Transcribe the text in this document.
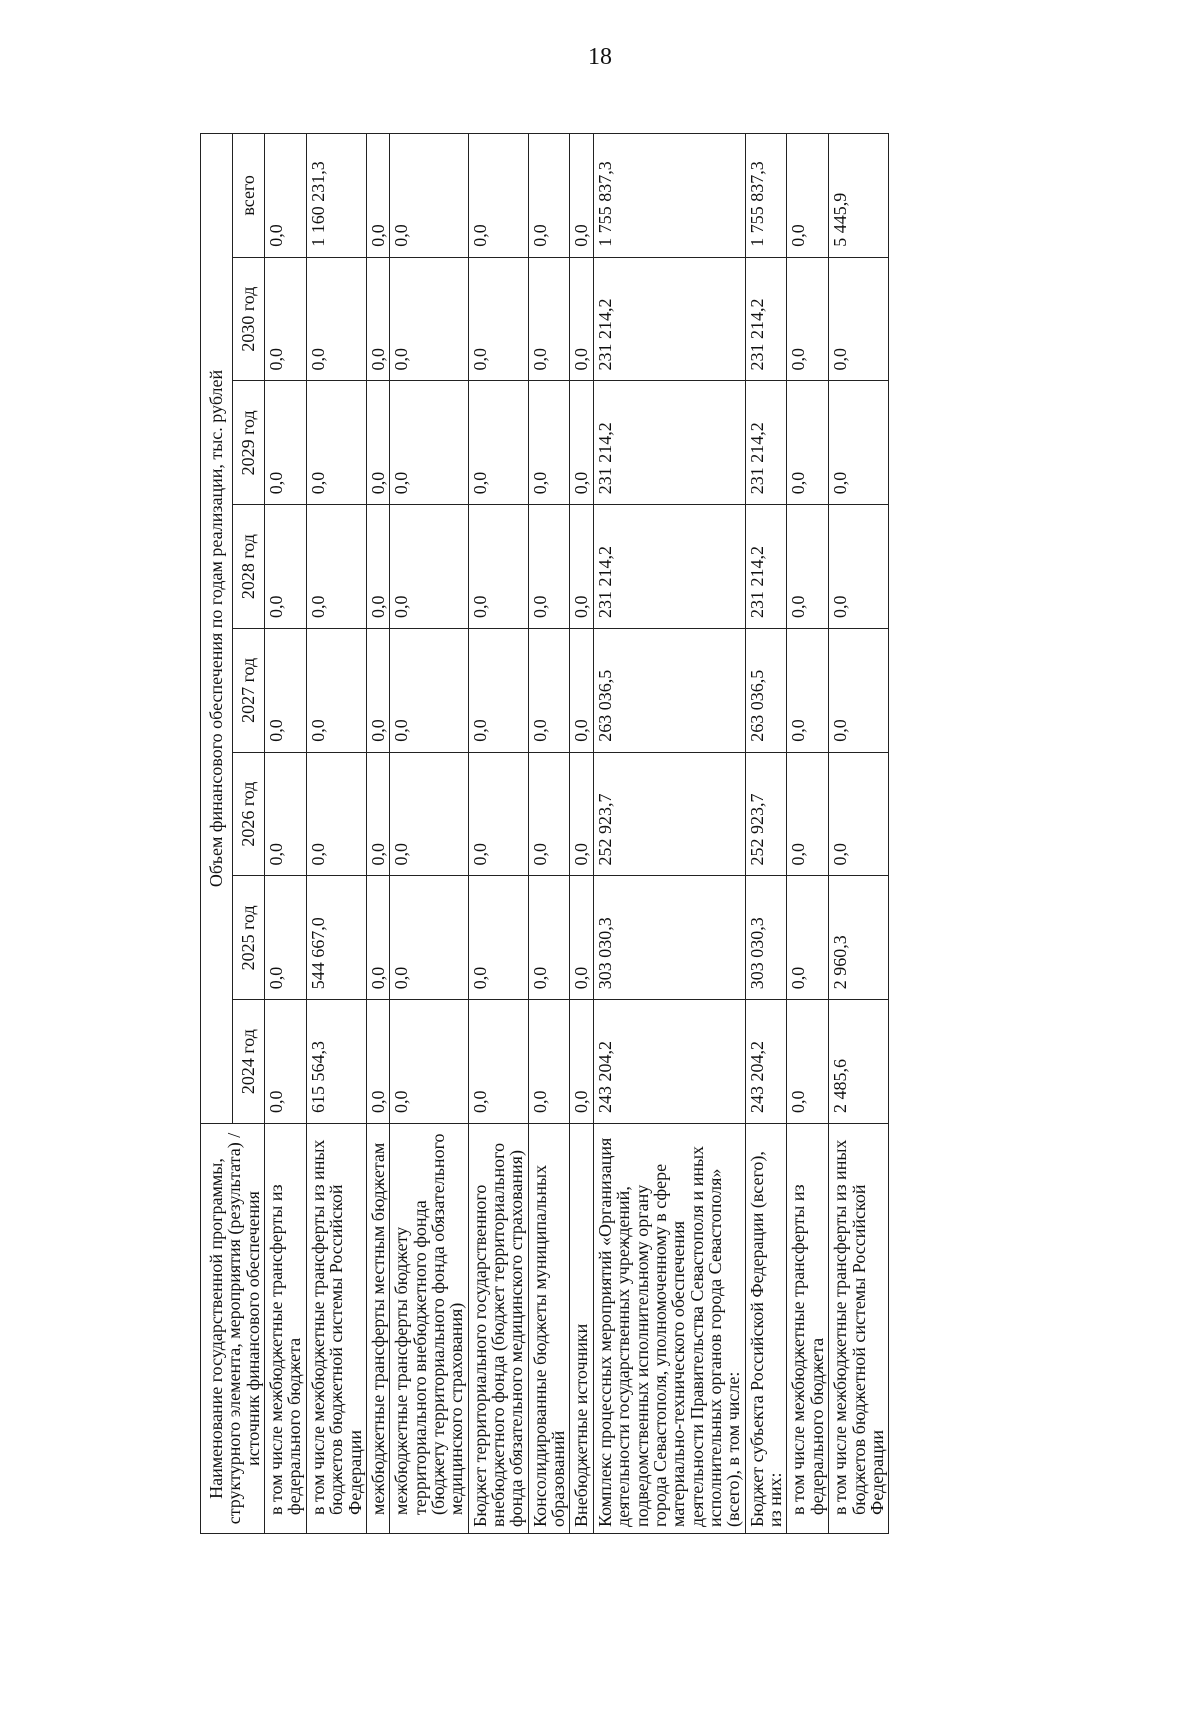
18
Наименование государственной программы, структурного элемента, мероприятия (результата) / источник финансового обеспечения	Объем финансового обеспечения по годам реализации, тыс. рублей							
	2024 год	2025 год	2026 год	2027 год	2028 год	2029 год	2030 год	всего
в том числе межбюджетные трансферты из федерального бюджета	0,0	0,0	0,0	0,0	0,0	0,0	0,0	0,0
в том числе межбюджетные трансферты из иных бюджетов бюджетной системы Российской Федерации	615 564,3	544 667,0	0,0	0,0	0,0	0,0	0,0	1 160 231,3
межбюджетные трансферты местным бюджетам	0,0	0,0	0,0	0,0	0,0	0,0	0,0	0,0
межбюджетные трансферты бюджету территориального внебюджетного фонда (бюджету территориального фонда обязательного медицинского страхования)	0,0	0,0	0,0	0,0	0,0	0,0	0,0	0,0
Бюджет территориального государственного внебюджетного фонда (бюджет территориального фонда обязательного медицинского страхования)	0,0	0,0	0,0	0,0	0,0	0,0	0,0	0,0
Консолидированные бюджеты муниципальных образований	0,0	0,0	0,0	0,0	0,0	0,0	0,0	0,0
Внебюджетные источники	0,0	0,0	0,0	0,0	0,0	0,0	0,0	0,0
Комплекс процессных мероприятий «Организация деятельности государственных учреждений, подведомственных исполнительному органу города Севастополя, уполномоченному в сфере материально-технического обеспечения деятельности Правительства Севастополя и иных исполнительных органов города Севастополя» (всего), в том числе:	243 204,2	303 030,3	252 923,7	263 036,5	231 214,2	231 214,2	231 214,2	1 755 837,3
Бюджет субъекта Российской Федерации (всего), из них:	243 204,2	303 030,3	252 923,7	263 036,5	231 214,2	231 214,2	231 214,2	1 755 837,3
в том числе межбюджетные трансферты из федерального бюджета	0,0	0,0	0,0	0,0	0,0	0,0	0,0	0,0
в том числе межбюджетные трансферты из иных бюджетов бюджетной системы Российской Федерации	2 485,6	2 960,3	0,0	0,0	0,0	0,0	0,0	5 445,9
